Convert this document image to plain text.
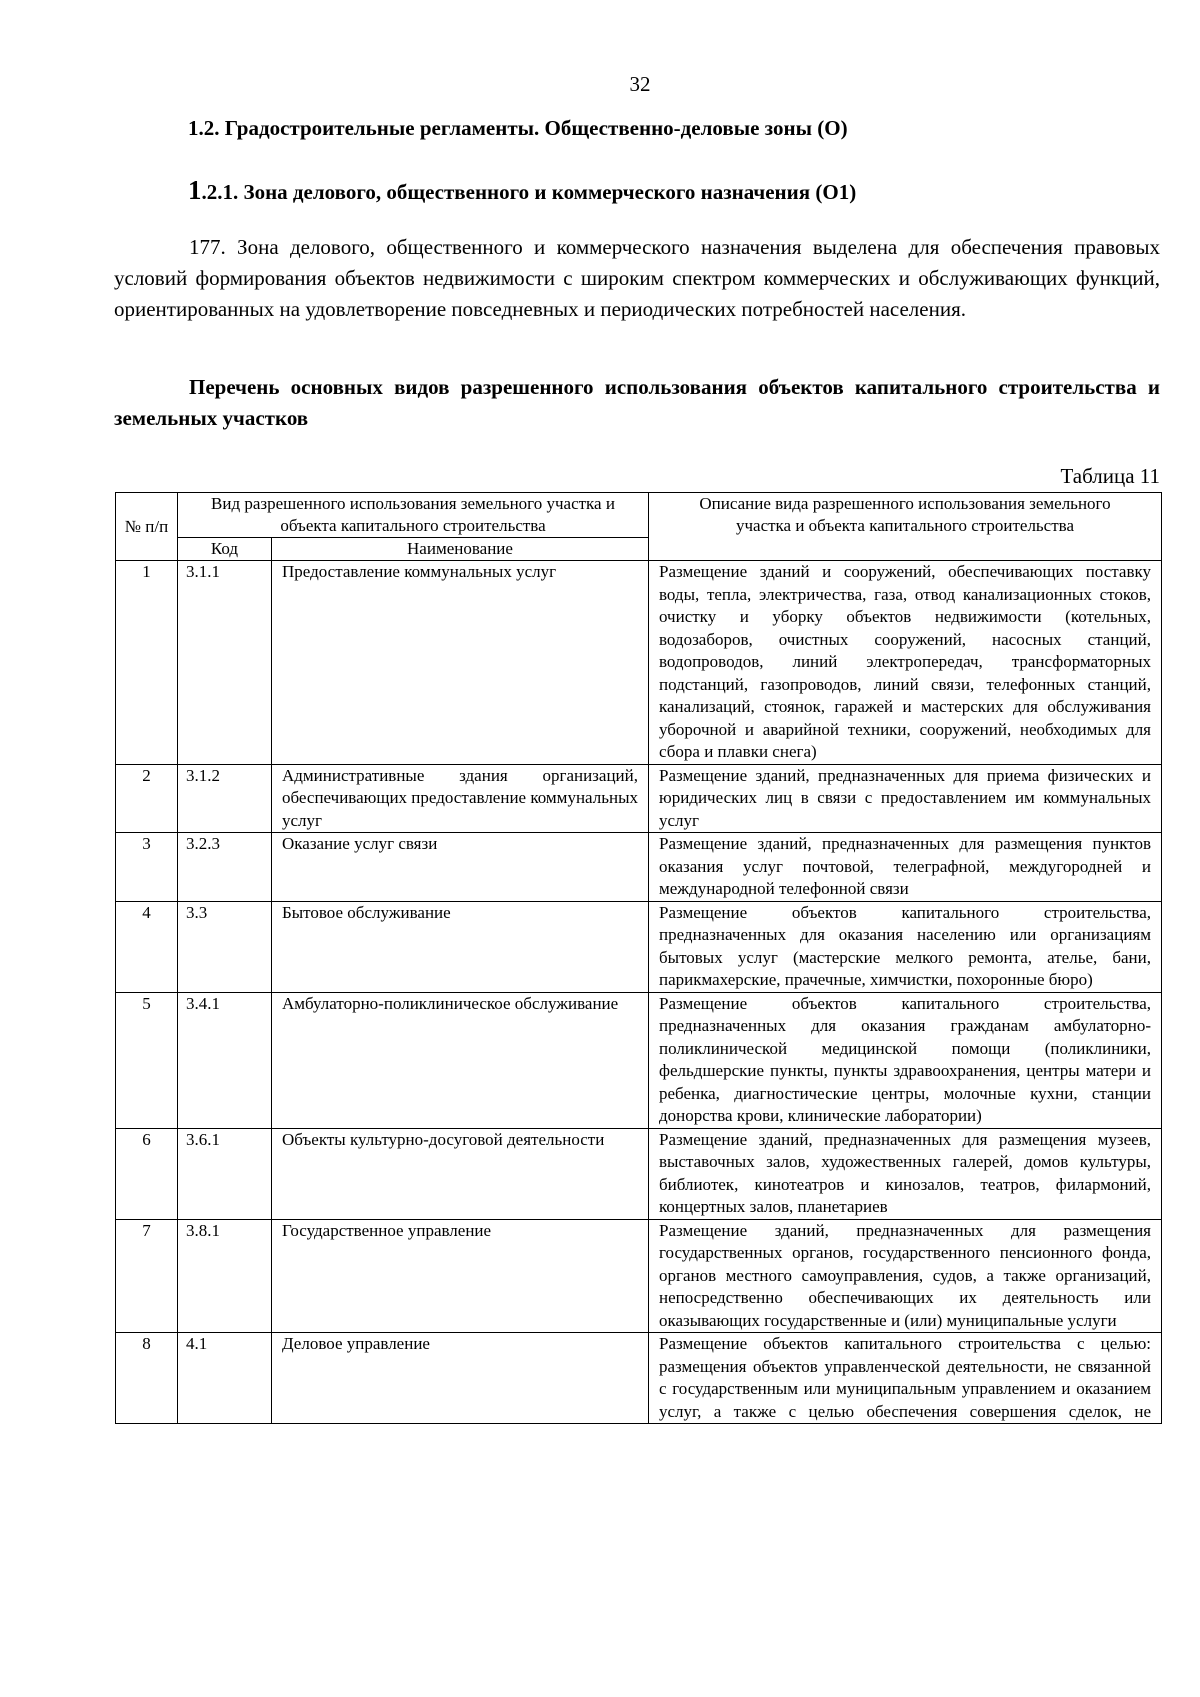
32
1.2. Градостроительные регламенты. Общественно-деловые зоны (О)
1.2.1. Зона делового, общественного и коммерческого назначения (О1)

177. Зона делового, общественного и коммерческого назначения выделена для обеспечения правовых условий формирования объектов недвижимости с широким спектром коммерческих и обслуживающих функций, ориентированных на удовлетворение повседневных и периодических потребностей населения.

Перечень основных видов разрешенного использования объектов капитального строительства и земельных участков

Таблица 11
№ п/п	Вид разрешенного использования земельного участка и объекта капитального строительства		Описание вида разрешенного использования земельного участка и объекта капитального строительства
	Код	Наименование	
1	3.1.1	Предоставление коммунальных услуг	Размещение зданий и сооружений, обеспечивающих поставку воды, тепла, электричества, газа, отвод канализационных стоков, очистку и уборку объектов недвижимости (котельных, водозаборов, очистных сооружений, насосных станций, водопроводов, линий электропередач, трансформаторных подстанций, газопроводов, линий связи, телефонных станций, канализаций, стоянок, гаражей и мастерских для обслуживания уборочной и аварийной техники, сооружений, необходимых для сбора и плавки снега)
2	3.1.2	Административные здания организаций, обеспечивающих предоставление коммунальных услуг	Размещение зданий, предназначенных для приема физических и юридических лиц в связи с предоставлением им коммунальных услуг
3	3.2.3	Оказание услуг связи	Размещение зданий, предназначенных для размещения пунктов оказания услуг почтовой, телеграфной, междугородней и международной телефонной связи
4	3.3	Бытовое обслуживание	Размещение объектов капитального строительства, предназначенных для оказания населению или организациям бытовых услуг (мастерские мелкого ремонта, ателье, бани, парикмахерские, прачечные, химчистки, похоронные бюро)
5	3.4.1	Амбулаторно-поликлиническое обслуживание	Размещение объектов капитального строительства, предназначенных для оказания гражданам амбулаторно-поликлинической медицинской помощи (поликлиники, фельдшерские пункты, пункты здравоохранения, центры матери и ребенка, диагностические центры, молочные кухни, станции донорства крови, клинические лаборатории)
6	3.6.1	Объекты культурно-досуговой деятельности	Размещение зданий, предназначенных для размещения музеев, выставочных залов, художественных галерей, домов культуры, библиотек, кинотеатров и кинозалов, театров, филармоний, концертных залов, планетариев
7	3.8.1	Государственное управление	Размещение зданий, предназначенных для размещения государственных органов, государственного пенсионного фонда, органов местного самоуправления, судов, а также организаций, непосредственно обеспечивающих их деятельность или оказывающих государственные и (или) муниципальные услуги
8	4.1	Деловое управление	Размещение объектов капитального строительства с целью: размещения объектов управленческой деятельности, не связанной с государственным или муниципальным управлением и оказанием услуг, а также с целью обеспечения совершения сделок, не
